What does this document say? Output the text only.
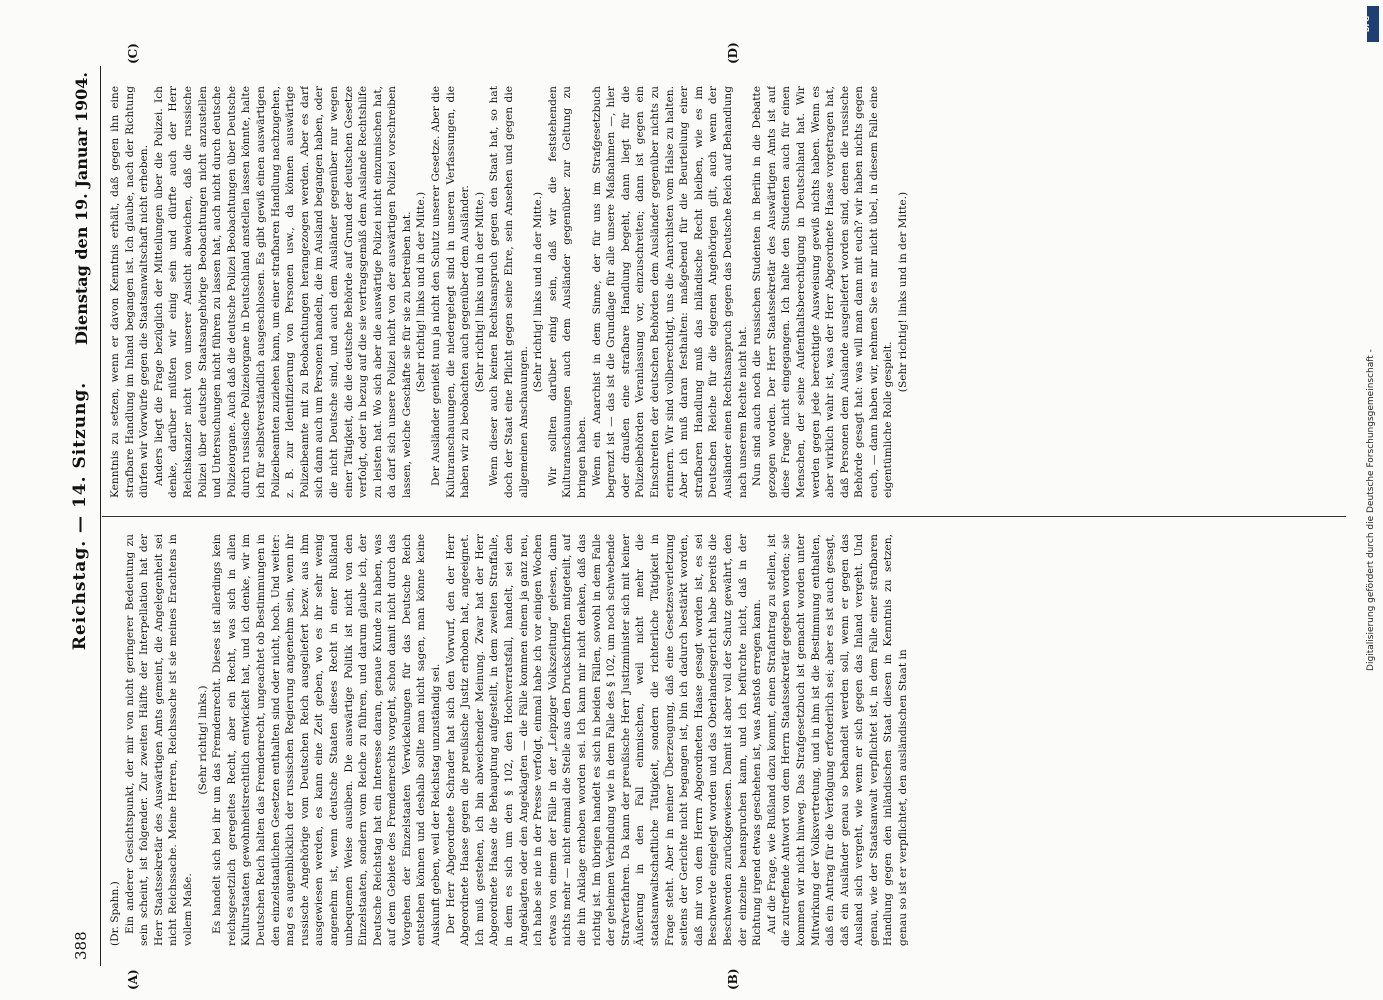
388
Reichstag. — 14. Sitzung.
Dienstag den 19. Januar 1904.
(A)	(B)
(C)	(D)

(Dr. Spahn.) Ein anderer Gesichtspunkt, der mir von nicht geringerer Bedeutung zu sein scheint, ist folgender. Zur zweiten Hälfte der Interpellation hat der Herr Staatssekretär des Auswärtigen Amts gemeint, die Angelegenheit sei nicht Reichssache. Meine Herren, Reichssache ist sie meines Erachtens in vollem Maße.

(Sehr richtig! links.) Es handelt sich bei ihr um das Fremdenrecht. Dieses ist allerdings kein reichsgesetzlich geregeltes Recht, aber ein Recht, was sich in allen Kulturstaaten gewohnheitsrechtlich entwickelt hat, und ich denke, wir im Deutschen Reich halten das Fremdenrecht, ungeachtet ob Bestimmungen in den einzelstaatlichen Gesetzen enthalten sind oder nicht, hoch. Und weiter: mag es augenblicklich der russischen Regierung angenehm sein, wenn ihr russische Angehörige vom Deutschen Reich ausgeliefert bezw. aus ihm ausgewiesen werden, es kann eine Zeit geben, wo es ihr sehr wenig angenehm ist, wenn deutsche Staaten dieses Recht in einer Rußland unbequemen Weise ausüben. Die auswärtige Politik ist nicht von den Einzelstaaten, sondern vom Reiche zu führen, und darum glaube ich, der Deutsche Reichstag hat ein Interesse daran, genaue Kunde zu haben, was auf dem Gebiete des Fremdenrechts vorgeht, schon damit nicht durch das Vorgehen der Einzelstaaten Verwickelungen für das Deutsche Reich entstehen können und deshalb sollte man nicht sagen, man könne keine Auskunft geben, weil der Reichstag unzuständig sei. Der Herr Abgeordnete Schrader hat sich den Vorwurf, den der Herr Abgeordnete Haase gegen die preußische Justiz erhoben hat, angeeignet. Ich muß gestehen, ich bin abweichender Meinung. Zwar hat der Herr Abgeordnete Haase die Behauptung aufgestellt, in dem zweiten Straffalle, in dem es sich um den § 102, den Hochverratsfall, handelt, sei den Angeklagten oder den Angeklagten — die Fälle kommen einem ja ganz neu, ich habe sie nie in der Presse verfolgt, einmal habe ich vor einigen Wochen etwas von einem der Fälle in der „Leipziger Volkszeitung“ gelesen, dann nichts mehr — nicht einmal die Stelle aus den Druckschriften mitgeteilt, auf die hin Anklage erhoben worden sei. Ich kann mir nicht denken, daß das richtig ist. Im übrigen handelt es sich in beiden Fällen, sowohl in dem Falle der geheimen Verbindung wie in dem Falle des § 102, um noch schwebende Strafverfahren. Da kann der preußische Herr Justizminister sich mit keiner Äußerung in den Fall einmischen, weil nicht mehr die staatsanwaltschaftliche Tätigkeit, sondern die richterliche Tätigkeit in Frage steht. Aber in meiner Überzeugung, daß eine Gesetzesverletzung seitens der Gerichte nicht begangen ist, bin ich dadurch bestärkt worden, daß mir von dem Herrn Abgeordneten Haase gesagt worden ist, es sei Beschwerde eingelegt worden und das Oberlandesgericht habe bereits die Beschwerden zurückgewiesen. Damit ist aber voll der Schutz gewährt, den der einzelne beanspruchen kann, und ich befürchte nicht, daß in der Richtung irgend etwas geschehen ist, was Anstoß erregen kann. Auf die Frage, wie Rußland dazu kommt, einen Strafantrag zu stellen, ist die zutreffende Antwort von dem Herrn Staatssekretär gegeben worden; sie kommen wir nicht hinweg. Das Strafgesetzbuch ist gemacht worden unter Mitwirkung der Volksvertretung, und in ihm ist die Bestimmung enthalten, daß ein Antrag für die Verfolgung erforderlich sei; aber es ist auch gesagt, daß ein Ausländer genau so behandelt werden soll, wenn er gegen das Ausland sich vergeht, wie wenn er sich gegen das Inland vergeht. Und genau, wie der Staatsanwalt verpflichtet ist, in dem Falle einer strafbaren Handlung gegen den inländischen Staat diesen in Kenntnis zu setzen, genau so ist er verpflichtet, den ausländischen Staat in

Kenntnis zu setzen, wenn er davon Kenntnis erhält, daß gegen ihn eine strafbare Handlung im Inland begangen ist. Ich glaube, nach der Richtung dürfen wir Vorwürfe gegen die Staatsanwaltschaft nicht erheben. Anders liegt die Frage bezüglich der Mitteilungen über die Polizei. Ich denke, darüber müßten wir einig sein und dürfte auch der Herr Reichskanzler nicht von unserer Ansicht abweichen, daß die russische Polizei über deutsche Staatsangehörige Beobachtungen nicht anzustellen und Untersuchungen nicht führen zu lassen hat, auch nicht durch deutsche Polizeiorgane. Auch daß die deutsche Polizei Beobachtungen über Deutsche durch russische Polizeiorgane in Deutschland anstellen lassen könnte, halte ich für selbstverständlich ausgeschlossen. Es gibt gewiß einen auswärtigen Polizeibeamten zuziehen kann, um einer strafbaren Handlung nachzugehen, z. B. zur Identifizierung von Personen usw., da können auswärtige Polizeibeamte mit zu Beobachtungen herangezogen werden. Aber es darf sich dann auch um Personen handeln, die im Ausland begangen haben, oder die nicht Deutsche sind, und auch dem Ausländer gegenüber nur wegen einer Tätigkeit, die die deutsche Behörde auf Grund der deutschen Gesetze verfolgt, oder in bezug auf die sie vertragsgemäß dem Auslande Rechtshilfe zu leisten hat. Wo sich aber die auswärtige Polizei nicht einzumischen hat, da darf sich unsere Polizei nicht von der auswärtigen Polizei vorschreiben lassen, welche Geschäfte sie für sie zu betreiben hat. (Sehr richtig! links und in der Mitte.) Der Ausländer genießt nun ja nicht den Schutz unserer Gesetze. Aber die Kulturanschauungen, die niedergelegt sind in unseren Verfassungen, die haben wir zu beobachten auch gegenüber dem Ausländer. (Sehr richtig! links und in der Mitte.) Wenn dieser auch keinen Rechtsanspruch gegen den Staat hat, so hat doch der Staat eine Pflicht gegen seine Ehre, sein Ansehen und gegen die allgemeinen Anschauungen.

(Sehr richtig! links und in der Mitte.) Wir sollten darüber einig sein, daß wir die feststehenden Kulturanschauungen auch dem Ausländer gegenüber zur Geltung zu bringen haben. Wenn ein Anarchist in dem Sinne, der für uns im Strafgesetzbuch begrenzt ist — das ist die Grundlage für alle unsere Maßnahmen —, hier oder draußen eine strafbare Handlung begeht, dann liegt für die Polizeibehörden Veranlassung vor, einzuschreiten; dann ist gegen ein Einschreiten der deutschen Behörden dem Ausländer gegenüber nichts zu erinnern. Wir sind vollberechtigt, uns die Anarchisten vom Halse zu halten. Aber ich muß daran festhalten: maßgebend für die Beurteilung einer strafbaren Handlung muß das inländische Recht bleiben, wie es im Deutschen Reiche für die eigenen Angehörigen gilt, auch wenn der Ausländer einen Rechtsanspruch gegen das Deutsche Reich auf Behandlung nach unserem Rechte nicht hat. Nun sind auch noch die russischen Studenten in Berlin in die Debatte gezogen worden. Der Herr Staatssekretär des Auswärtigen Amts ist auf diese Frage nicht eingegangen. Ich halte den Studenten auch für einen Menschen, der seine Aufenthaltsberechtigung in Deutschland hat. Wir werden gegen jede berechtigte Ausweisung gewiß nichts haben. Wenn es aber wirklich wahr ist, was der Herr Abgeordnete Haase vorgetragen hat, daß Personen dem Auslande ausgeliefert worden sind, denen die russische Behörde gesagt hat: was will man dann mit euch? wir haben nichts gegen euch, — dann haben wir, nehmen Sie es mir nicht übel, in diesem Falle eine eigentümliche Rolle gespielt.

(Sehr richtig! links und in der Mitte.)

Digitalisierung gefördert durch die Deutsche Forschungsgemeinschaft -
DFG
